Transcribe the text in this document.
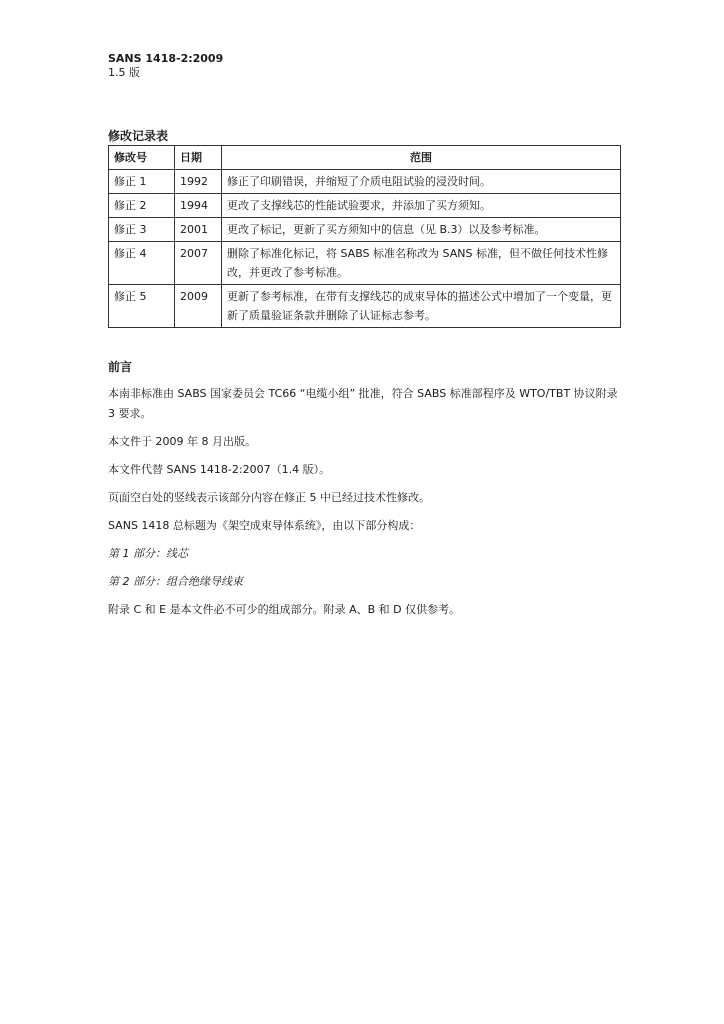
SANS 1418-2:2009
1.5 版
修改记录表
修改号	日期	范围
修正 1	1992	修正了印刷错误，并缩短了介质电阻试验的浸没时间。
修正 2	1994	更改了支撑线芯的性能试验要求，并添加了买方须知。
修正 3	2001	更改了标记，更新了买方须知中的信息（见 B.3）以及参考标准。
修正 4	2007	删除了标准化标记，将 SABS 标准名称改为 SANS 标准，但不做任何技术性修改，并更改了参考标准。
修正 5	2009	更新了参考标准，在带有支撑线芯的成束导体的描述公式中增加了一个变量，更新了质量验证条款并删除了认证标志参考。
前言

本南非标准由 SABS 国家委员会 TC66 “电缆小组” 批准，符合 SABS 标准部程序及 WTO/TBT 协议附录 3 要求。

本文件于 2009 年 8 月出版。

本文件代替 SANS 1418-2:2007（1.4 版）。

页面空白处的竖线表示该部分内容在修正 5 中已经过技术性修改。

SANS 1418 总标题为《架空成束导体系统》，由以下部分构成：

第 1 部分：线芯

第 2 部分：组合绝缘导线束

附录 C 和 E 是本文件必不可少的组成部分。附录 A、B 和 D 仅供参考。
